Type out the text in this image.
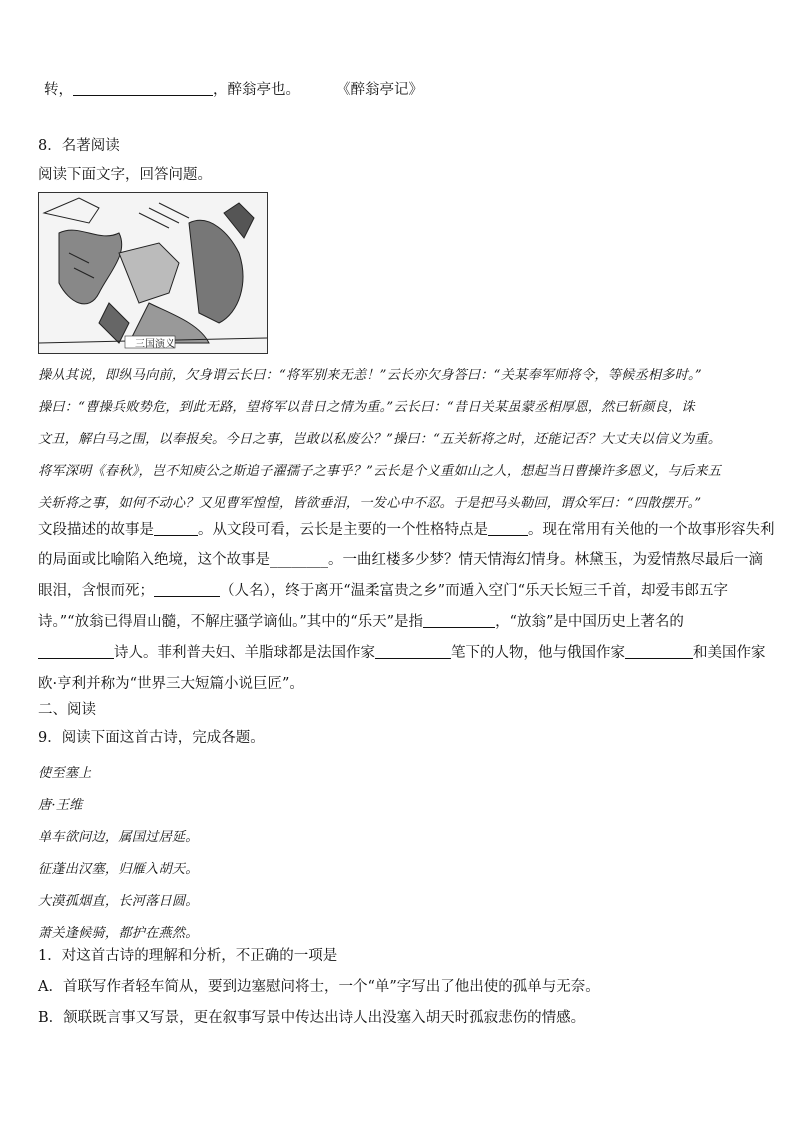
转，	，醉翁亭也。 《醉翁亭记》
8．名著阅读
阅读下面文字，回答问题。
三国演义
操从其说，即纵马向前，欠身谓云长曰：“将军别来无恙！”云长亦欠身答曰：“关某奉军师将令，等候丞相多时。”
操曰：“曹操兵败势危，到此无路，望将军以昔日之情为重。”云长曰：“昔日关某虽蒙丞相厚恩，然已斩颜良，诛
文丑，解白马之围，以奉报矣。今日之事，岂敢以私废公？”操曰：“五关斩将之时，还能记否？大丈夫以信义为重。
将军深明《春秋》，岂不知庾公之斯追子濯孺子之事乎？”云长是个义重如山之人，想起当日曹操许多恩义，与后来五
关斩将之事，如何不动心？又见曹军惶惶，皆欲垂泪，一发心中不忍。于是把马头勒回，谓众军曰：“四散摆开。”
文段描述的故事是	。从文段可看，云长是主要的一个性格特点是	。现在常用有关他的一个故事形容失利
的局面或比喻陷入绝境，这个故事是________。一曲红楼多少梦？情天情海幻情身。林黛玉，为爱情熬尽最后一滴
眼泪，含恨而死；	（人名），终于离开“温柔富贵之乡”而遁入空门“乐天长短三千首，却爱韦郎五字
诗。”“放翁已得眉山髓，不解庄骚学谪仙。”其中的“乐天”是指	，“放翁”是中国历史上著名的
诗人。菲利普夫妇、羊脂球都是法国作家	笔下的人物，他与俄国作家	和美国作家
欧·亨利并称为“世界三大短篇小说巨匠”。
二、阅读
9．阅读下面这首古诗，完成各题。
使至塞上
唐·王维
单车欲问边，属国过居延。
征蓬出汉塞，归雁入胡天。
大漠孤烟直，长河落日圆。
萧关逢候骑，都护在燕然。
1．对这首古诗的理解和分析，不正确的一项是
A．首联写作者轻车简从，要到边塞慰问将士，一个“单”字写出了他出使的孤单与无奈。
B．颔联既言事又写景，更在叙事写景中传达出诗人出没塞入胡天时孤寂悲伤的情感。
